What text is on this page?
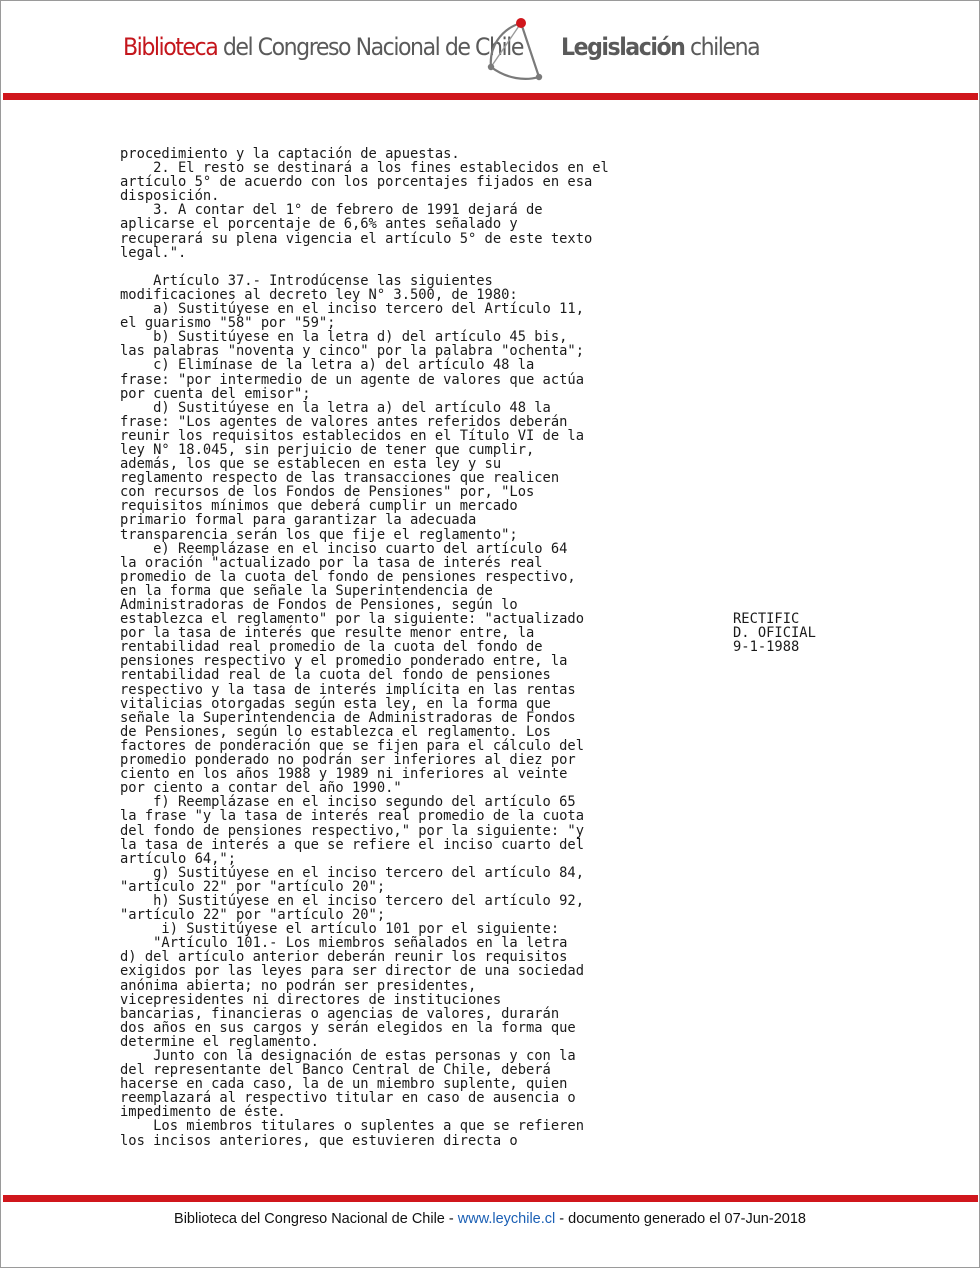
Biblioteca del Congreso Nacional de Chile Legislación chilena
procedimiento y la captación de apuestas.
2. El resto se destinará a los fines establecidos en el
artículo 5° de acuerdo con los porcentajes fijados en esa
disposición.
3. A contar del 1° de febrero de 1991 dejará de
aplicarse el porcentaje de 6,6% antes señalado y
recuperará su plena vigencia el artículo 5° de este texto
legal.".

Artículo 37.- Introdúcense las siguientes
modificaciones al decreto ley N° 3.500, de 1980:
a) Sustitúyese en el inciso tercero del Artículo 11,
el guarismo "58" por "59";
b) Sustitúyese en la letra d) del artículo 45 bis,
las palabras "noventa y cinco" por la palabra "ochenta";
c) Elimínase de la letra a) del artículo 48 la
frase: "por intermedio de un agente de valores que actúa
por cuenta del emisor";
d) Sustitúyese en la letra a) del artículo 48 la
frase: "Los agentes de valores antes referidos deberán
reunir los requisitos establecidos en el Título VI de la
ley N° 18.045, sin perjuicio de tener que cumplir,
además, los que se establecen en esta ley y su
reglamento respecto de las transacciones que realicen
con recursos de los Fondos de Pensiones" por, "Los
requisitos mínimos que deberá cumplir un mercado
primario formal para garantizar la adecuada
transparencia serán los que fije el reglamento";
e) Reemplázase en el inciso cuarto del artículo 64
la oración "actualizado por la tasa de interés real
promedio de la cuota del fondo de pensiones respectivo,
en la forma que señale la Superintendencia de
Administradoras de Fondos de Pensiones, según lo
establezca el reglamento" por la siguiente: "actualizado
por la tasa de interés que resulte menor entre, la
rentabilidad real promedio de la cuota del fondo de
pensiones respectivo y el promedio ponderado entre, la
rentabilidad real de la cuota del fondo de pensiones
respectivo y la tasa de interés implícita en las rentas
vitalicias otorgadas según esta ley, en la forma que
señale la Superintendencia de Administradoras de Fondos
de Pensiones, según lo establezca el reglamento. Los
factores de ponderación que se fijen para el cálculo del
promedio ponderado no podrán ser inferiores al diez por
ciento en los años 1988 y 1989 ni inferiores al veinte
por ciento a contar del año 1990."
f) Reemplázase en el inciso segundo del artículo 65
la frase "y la tasa de interés real promedio de la cuota
del fondo de pensiones respectivo," por la siguiente: "y
la tasa de interés a que se refiere el inciso cuarto del
artículo 64,";
g) Sustitúyese en el inciso tercero del artículo 84,
"artículo 22" por "artículo 20";
h) Sustitúyese en el inciso tercero del artículo 92,
"artículo 22" por "artículo 20";
i) Sustitúyese el artículo 101 por el siguiente:
"Artículo 101.- Los miembros señalados en la letra
d) del artículo anterior deberán reunir los requisitos
exigidos por las leyes para ser director de una sociedad
anónima abierta; no podrán ser presidentes,
vicepresidentes ni directores de instituciones
bancarias, financieras o agencias de valores, durarán
dos años en sus cargos y serán elegidos en la forma que
determine el reglamento.
Junto con la designación de estas personas y con la
del representante del Banco Central de Chile, deberá
hacerse en cada caso, la de un miembro suplente, quien
reemplazará al respectivo titular en caso de ausencia o
impedimento de éste.
Los miembros titulares o suplentes a que se refieren
los incisos anteriores, que estuvieren directa o
RECTIFIC
D. OFICIAL
9-1-1988
Biblioteca del Congreso Nacional de Chile - www.leychile.cl - documento generado el 07-Jun-2018
